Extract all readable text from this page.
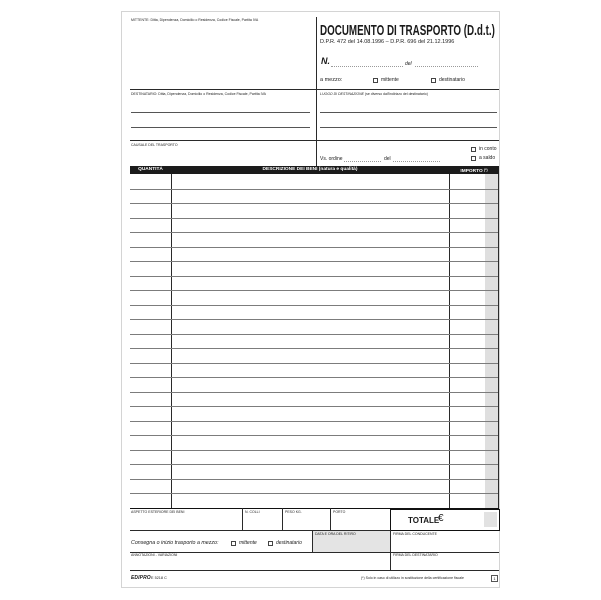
MITTENTE: Ditta, Dipendenza, Domicilio o Residenza, Codice Fiscale, Partita IVA
DOCUMENTO DI TRASPORTO (D.d.t.)
D.P.R. 472 del 14.08.1996 – D.P.R. 696 del 21.12.1996
N.	del
a mezzo:	mittente	destinatario
DESTINATARIO: Ditta, Dipendenza, Domicilio o Residenza, Codice Fiscale, Partita IVA	LUOGO DI DESTINAZIONE (se diverso dall'indirizzo del destinatario)
CAUSALE DEL TRASPORTO
in conto
a saldo
Vs. ordine	del
QUANTITÀ	DESCRIZIONE DEI BENI (natura e qualità)	IMPORTO (*)
ASPETTO ESTERIORE DEI BENI	N. COLLI	PESO KG.	PORTO
TOTALE
€
Consegna o inizio trasporto a mezzo:	mittente	destinatario
DATA E ORA DEL RITIRO	FIRMA DEL CONDUCENTE
ANNOTAZIONI - VARIAZIONI	FIRMA DEL DESTINATARIO
EDIPRO E 5218 C	(*) Solo in caso di utilizzo in sostituzione della certificazione fiscale	1
